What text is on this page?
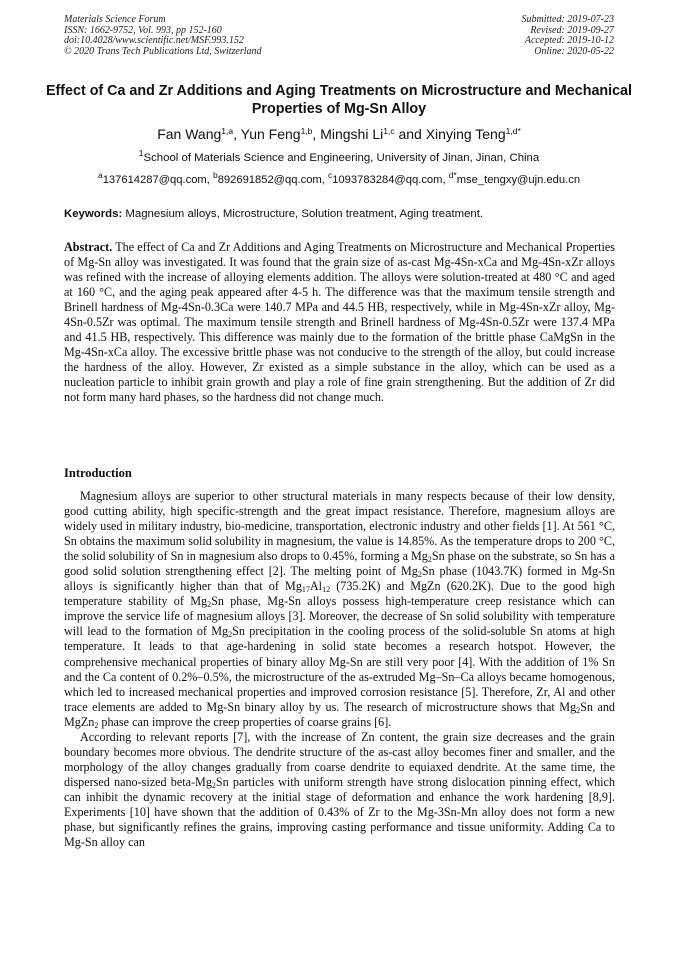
Materials Science Forum
ISSN: 1662-9752, Vol. 993, pp 152-160
doi:10.4028/www.scientific.net/MSF.993.152
© 2020 Trans Tech Publications Ltd, Switzerland
Submitted: 2019-07-23
Revised: 2019-09-27
Accepted: 2019-10-12
Online: 2020-05-22
Effect of Ca and Zr Additions and Aging Treatments on Microstructure and Mechanical Properties of Mg-Sn Alloy
Fan Wang$^{1,a}$, Yun Feng$^{1,b}$, Mingshi Li$^{1,c}$ and Xinying Teng$^{1,d*}$
$^1$School of Materials Science and Engineering, University of Jinan, Jinan, China
$^a$137614287@qq.com, $^b$892691852@qq.com, $^c$1093783284@qq.com, $^{d*}$mse_tengxy@ujn.edu.cn
Keywords: Magnesium alloys, Microstructure, Solution treatment, Aging treatment.
Abstract. The effect of Ca and Zr Additions and Aging Treatments on Microstructure and Mechanical Properties of Mg-Sn alloy was investigated. It was found that the grain size of as-cast Mg-4Sn-xCa and Mg-4Sn-xZr alloys was refined with the increase of alloying elements addition. The alloys were solution-treated at 480 °C and aged at 160 °C, and the aging peak appeared after 4-5 h. The difference was that the maximum tensile strength and Brinell hardness of Mg-4Sn-0.3Ca were 140.7 MPa and 44.5 HB, respectively, while in Mg-4Sn-xZr alloy, Mg-4Sn-0.5Zr was optimal. The maximum tensile strength and Brinell hardness of Mg-4Sn-0.5Zr were 137.4 MPa and 41.5 HB, respectively. This difference was mainly due to the formation of the brittle phase CaMgSn in the Mg-4Sn-xCa alloy. The excessive brittle phase was not conducive to the strength of the alloy, but could increase the hardness of the alloy. However, Zr existed as a simple substance in the alloy, which can be used as a nucleation particle to inhibit grain growth and play a role of fine grain strengthening. But the addition of Zr did not form many hard phases, so the hardness did not change much.
Introduction

Magnesium alloys are superior to other structural materials in many respects because of their low density, good cutting ability, high specific-strength and the great impact resistance. Therefore, magnesium alloys are widely used in military industry, bio-medicine, transportation, electronic industry and other fields [1]. At 561 °C, Sn obtains the maximum solid solubility in magnesium, the value is 14.85%. As the temperature drops to 200 °C, the solid solubility of Sn in magnesium also drops to 0.45%, forming a $Mg_2Sn$ phase on the substrate, so Sn has a good solid solution strengthening effect [2]. The melting point of $Mg_2Sn$ phase (1043.7K) formed in Mg-Sn alloys is significantly higher than that of $Mg_{17}Al_{12}$ (735.2K) and MgZn (620.2K). Due to the good high temperature stability of $Mg_2Sn$ phase, Mg-Sn alloys possess high-temperature creep resistance which can improve the service life of magnesium alloys [3]. Moreover, the decrease of Sn solid solubility with temperature will lead to the formation of $Mg_2Sn$ precipitation in the cooling process of the solid-soluble Sn atoms at high temperature. It leads to that age-hardening in solid state becomes a research hotspot. However, the comprehensive mechanical properties of binary alloy Mg-Sn are still very poor [4]. With the addition of 1% Sn and the Ca content of 0.2%–0.5%, the microstructure of the as-extruded Mg–Sn–Ca alloys became homogenous, which led to increased mechanical properties and improved corrosion resistance [5]. Therefore, Zr, Al and other trace elements are added to Mg-Sn binary alloy by us. The research of microstructure shows that $Mg_2Sn$ and MgZn$_2$ phase can improve the creep properties of coarse grains [6].

According to relevant reports [7], with the increase of Zn content, the grain size decreases and the grain boundary becomes more obvious. The dendrite structure of the as-cast alloy becomes finer and smaller, and the morphology of the alloy changes gradually from coarse dendrite to equiaxed dendrite. At the same time, the dispersed nano-sized beta-$Mg_2Sn$ particles with uniform strength have strong dislocation pinning effect, which can inhibit the dynamic recovery at the initial stage of deformation and enhance the work hardening [8,9]. Experiments [10] have shown that the addition of 0.43% of Zr to the Mg-3Sn-Mn alloy does not form a new phase, but significantly refines the grains, improving casting performance and tissue uniformity. Adding Ca to Mg-Sn alloy can
